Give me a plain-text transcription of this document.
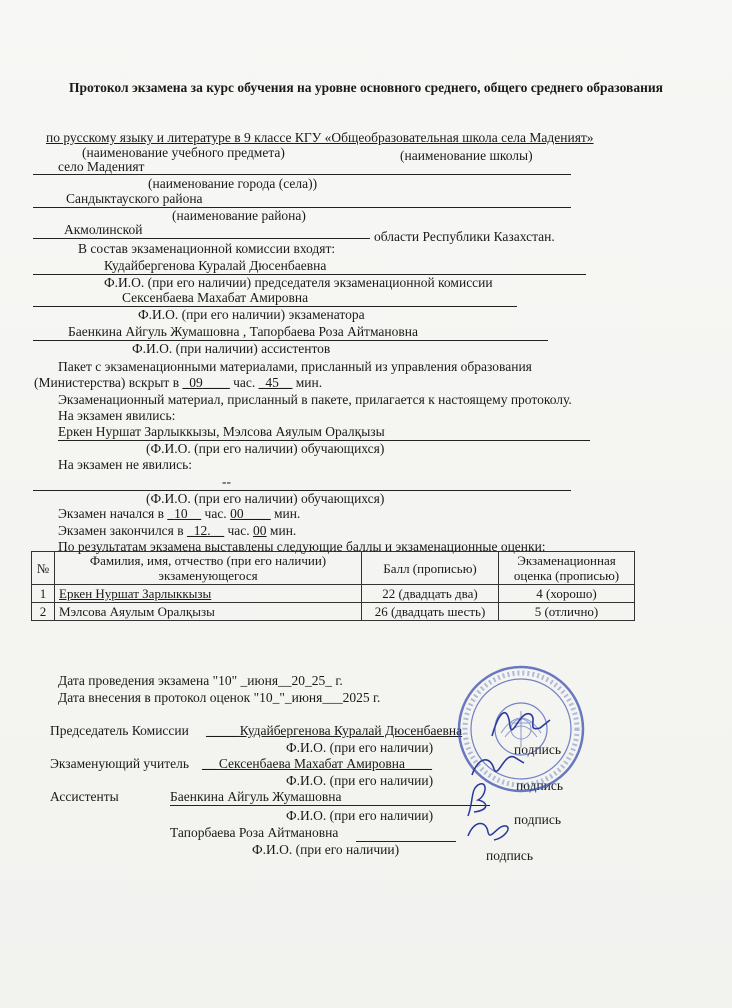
Протокол экзамена за курс обучения на уровне основного среднего, общего среднего образования
по русскому языку и литературе в 9 классе КГУ «Общеобразовательная школа села Маденият»
(наименование учебного предмета)	(наименование школы)
село Маденият
(наименование города (села))
Сандыктауского района
(наименование района)
Акмолинской	области Республики Казахстан.
В состав экзаменационной комиссии входят:
Кудайбергенова Куралай Дюсенбаевна
Ф.И.О. (при его наличии) председателя экзаменационной комиссии
Сексенбаева Махабат Амировна
Ф.И.О. (при его наличии) экзаменатора
Баенкина Айгуль Жумашовна , Тапорбаева Роза Айтмановна
Ф.И.О. (при наличии) ассистентов
Пакет с экзаменационными материалами, присланный из управления образования
(Министерства) вскрыт в _09____ час. _45__ мин.
Экзаменационный материал, присланный в пакете, прилагается к настоящему протоколу.
На экзамен явились:
Еркен Нуршат Зарлыккызы, Мэлсова Аяулым Оралқызы
(Ф.И.О. (при его наличии) обучающихся)
На экзамен не явились:
--
(Ф.И.О. (при его наличии) обучающихся)
Экзамен начался в _10__ час. 00____ мин.
Экзамен закончился в _12.__ час. 00 мин.
По результатам экзамена выставлены следующие баллы и экзаменационные оценки:
№	Фамилия, имя, отчество (при его наличии) экзаменующегося	Балл (прописью)	Экзаменационная оценка (прописью)
1	Еркен Нуршат Зарлыккызы	22 (двадцать два)	4 (хорошо)
2	Мэлсова Аяулым Оралқызы	26 (двадцать шесть)	5 (отлично)
Дата проведения экзамена "10" _июня__20_25_ г.
Дата внесения в протокол оценок "10_"_июня___2025 г.
Председатель Комиссии _____Кудайбергенова Куралай Дюсенбаевна
Ф.И.О. (при его наличии)	подпись
Экзаменующий учитель __ Сексенбаева Махабат Амировна____
Ф.И.О. (при его наличии)	подпись
Ассистенты	Баенкина Айгуль Жумашовна
Ф.И.О. (при его наличии)	подпись
Тапорбаева Роза Айтмановна
Ф.И.О. (при его наличии)	подпись
